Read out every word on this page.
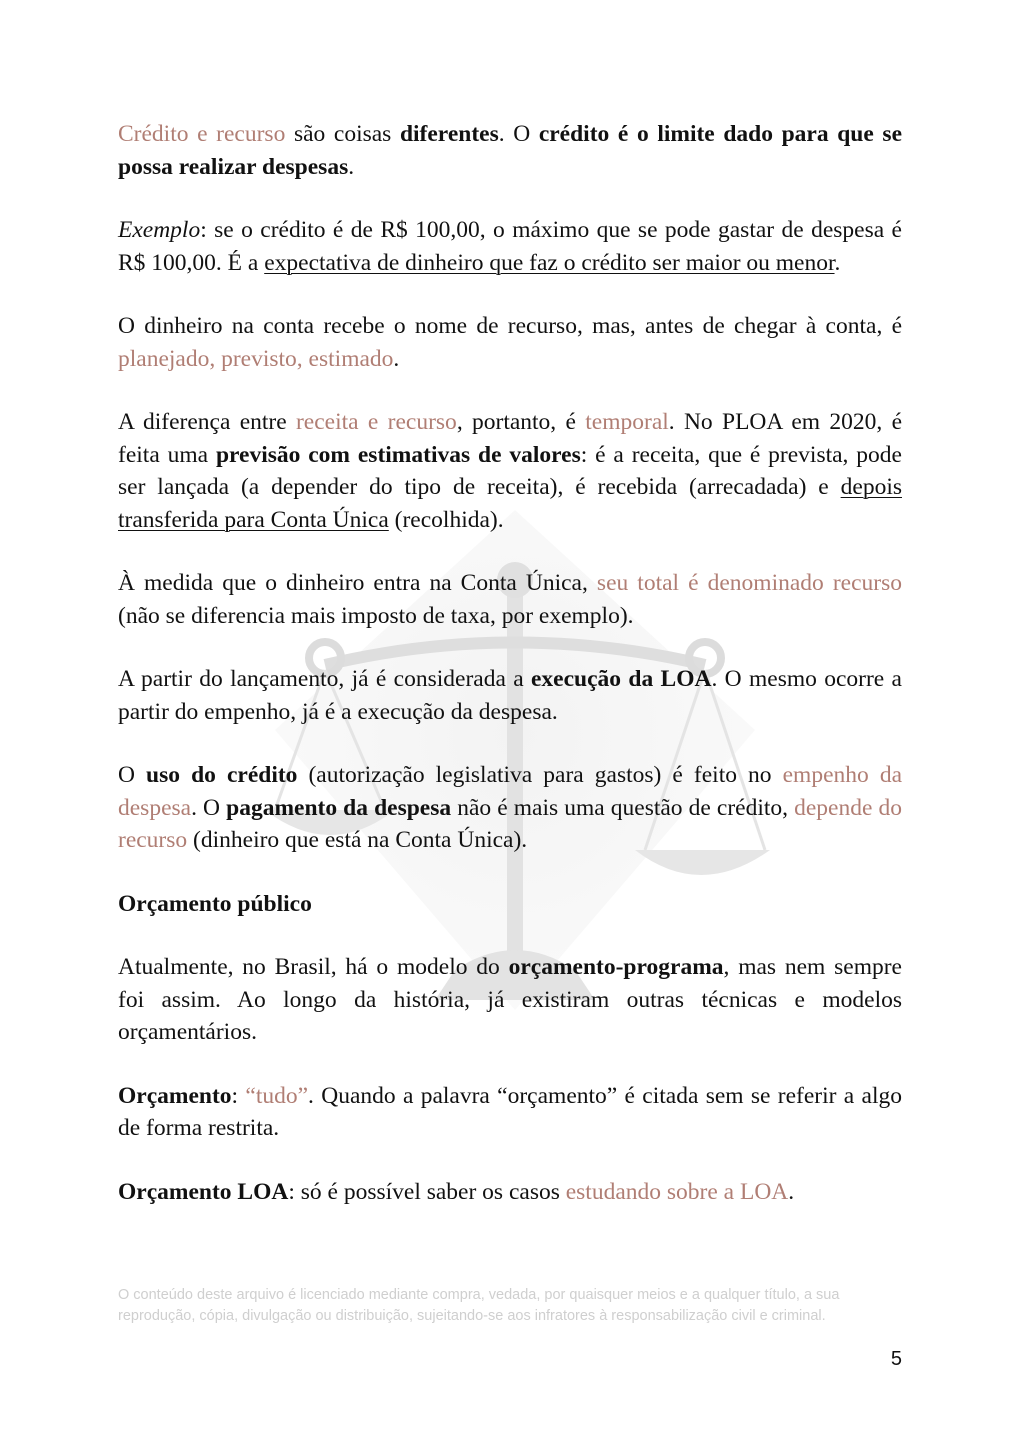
Crédito e recurso são coisas diferentes. O crédito é o limite dado para que se possa realizar despesas.

Exemplo: se o crédito é de R$ 100,00, o máximo que se pode gastar de despesa é R$ 100,00. É a expectativa de dinheiro que faz o crédito ser maior ou menor.

O dinheiro na conta recebe o nome de recurso, mas, antes de chegar à conta, é planejado, previsto, estimado.

A diferença entre receita e recurso, portanto, é temporal. No PLOA em 2020, é feita uma previsão com estimativas de valores: é a receita, que é prevista, pode ser lançada (a depender do tipo de receita), é recebida (arrecadada) e depois transferida para Conta Única (recolhida).

À medida que o dinheiro entra na Conta Única, seu total é denominado recurso (não se diferencia mais imposto de taxa, por exemplo).

A partir do lançamento, já é considerada a execução da LOA. O mesmo ocorre a partir do empenho, já é a execução da despesa.

O uso do crédito (autorização legislativa para gastos) é feito no empenho da despesa. O pagamento da despesa não é mais uma questão de crédito, depende do recurso (dinheiro que está na Conta Única).

Orçamento público

Atualmente, no Brasil, há o modelo do orçamento-programa, mas nem sempre foi assim. Ao longo da história, já existiram outras técnicas e modelos orçamentários.

Orçamento: “tudo”. Quando a palavra “orçamento” é citada sem se referir a algo de forma restrita.

Orçamento LOA: só é possível saber os casos estudando sobre a LOA.

O conteúdo deste arquivo é licenciado mediante compra, vedada, por quaisquer meios e a qualquer título, a sua reprodução, cópia, divulgação ou distribuição, sujeitando-se aos infratores à responsabilização civil e criminal.
5
